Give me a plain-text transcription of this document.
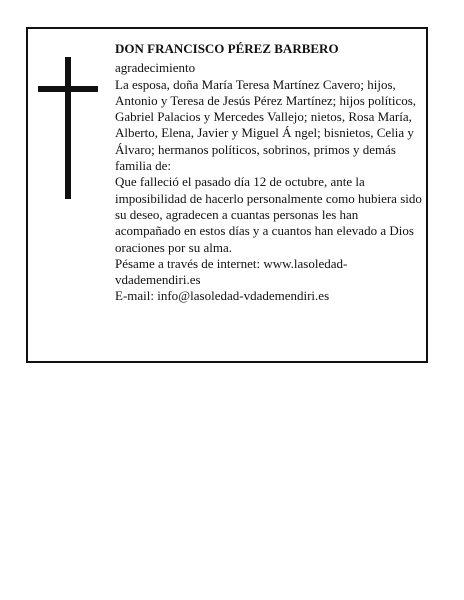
DON FRANCISCO PÉREZ BARBERO

agradecimiento

La esposa, doña María Teresa Martínez Cavero; hijos, Antonio y Teresa de Jesús Pérez Martínez; hijos políticos, Gabriel Palacios y Mercedes Vallejo; nietos, Rosa María, Alberto, Elena, Javier y Miguel Á ngel; bisnietos, Celia y Álvaro; hermanos políticos, sobrinos, primos y demás familia de:

Que falleció el pasado día 12 de octubre, ante la imposibilidad de hacerlo personalmente como hubiera sido su deseo, agradecen a cuantas personas les han acompañado en estos días y a cuantos han elevado a Dios oraciones por su alma.

Pésame a través de internet: www.lasoledad-vdademendiri.es

E-mail: info@lasoledad-vdademendiri.es
